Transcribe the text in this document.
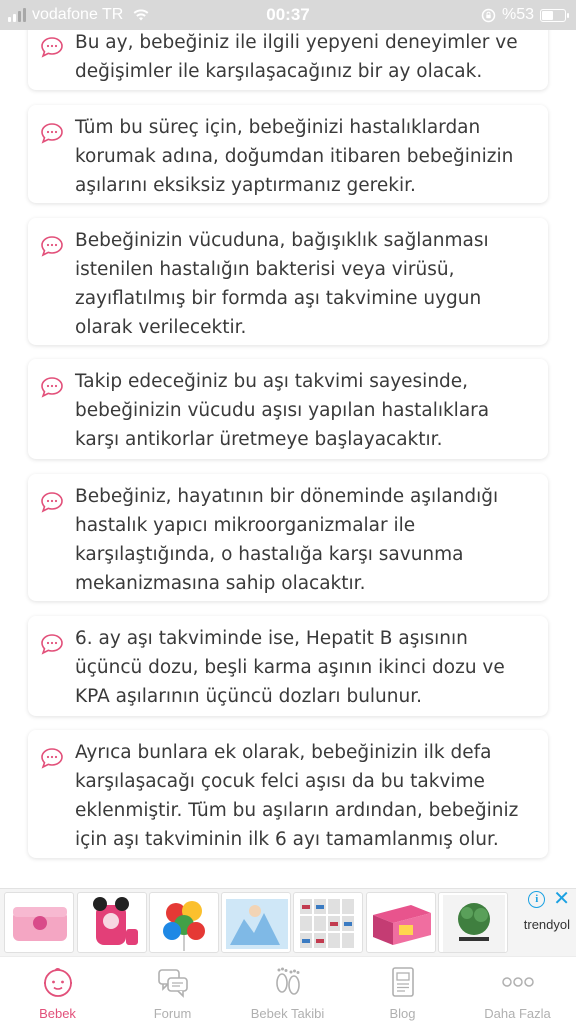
Bu ay, bebeğiniz ile ilgili yepyeni deneyimler ve değişimler ile karşılaşacağınız bir ay olacak.
Tüm bu süreç için, bebeğinizi hastalıklardan korumak adına, doğumdan itibaren bebeğinizin aşılarını eksiksiz yaptırmanız gerekir.
Bebeğinizin vücuduna, bağışıklık sağlanması istenilen hastalığın bakterisi veya virüsü, zayıflatılmış bir formda aşı takvimine uygun olarak verilecektir.
Takip edeceğiniz bu aşı takvimi sayesinde, bebeğinizin vücudu aşısı yapılan hastalıklara karşı antikorlar üretmeye başlayacaktır.
Bebeğiniz, hayatının bir döneminde aşılandığı hastalık yapıcı mikroorganizmalar ile karşılaştığında, o hastalığa karşı savunma mekanizmasına sahip olacaktır.
6. ay aşı takviminde ise, Hepatit B aşısının üçüncü dozu, beşli karma aşının ikinci dozu ve KPA aşılarının üçüncü dozları bulunur.
Ayrıca bunlara ek olarak, bebeğinizin ilk defa karşılaşacağı çocuk felci aşısı da bu takvime eklenmiştir. Tüm bu aşıların ardından, bebeğiniz için aşı takviminin ilk 6 ayı tamamlanmış olur.
vodafone TR	00:37	%53
i ✕
trendyol
Bebek	Forum	Bebek Takibi	Blog	Daha Fazla
